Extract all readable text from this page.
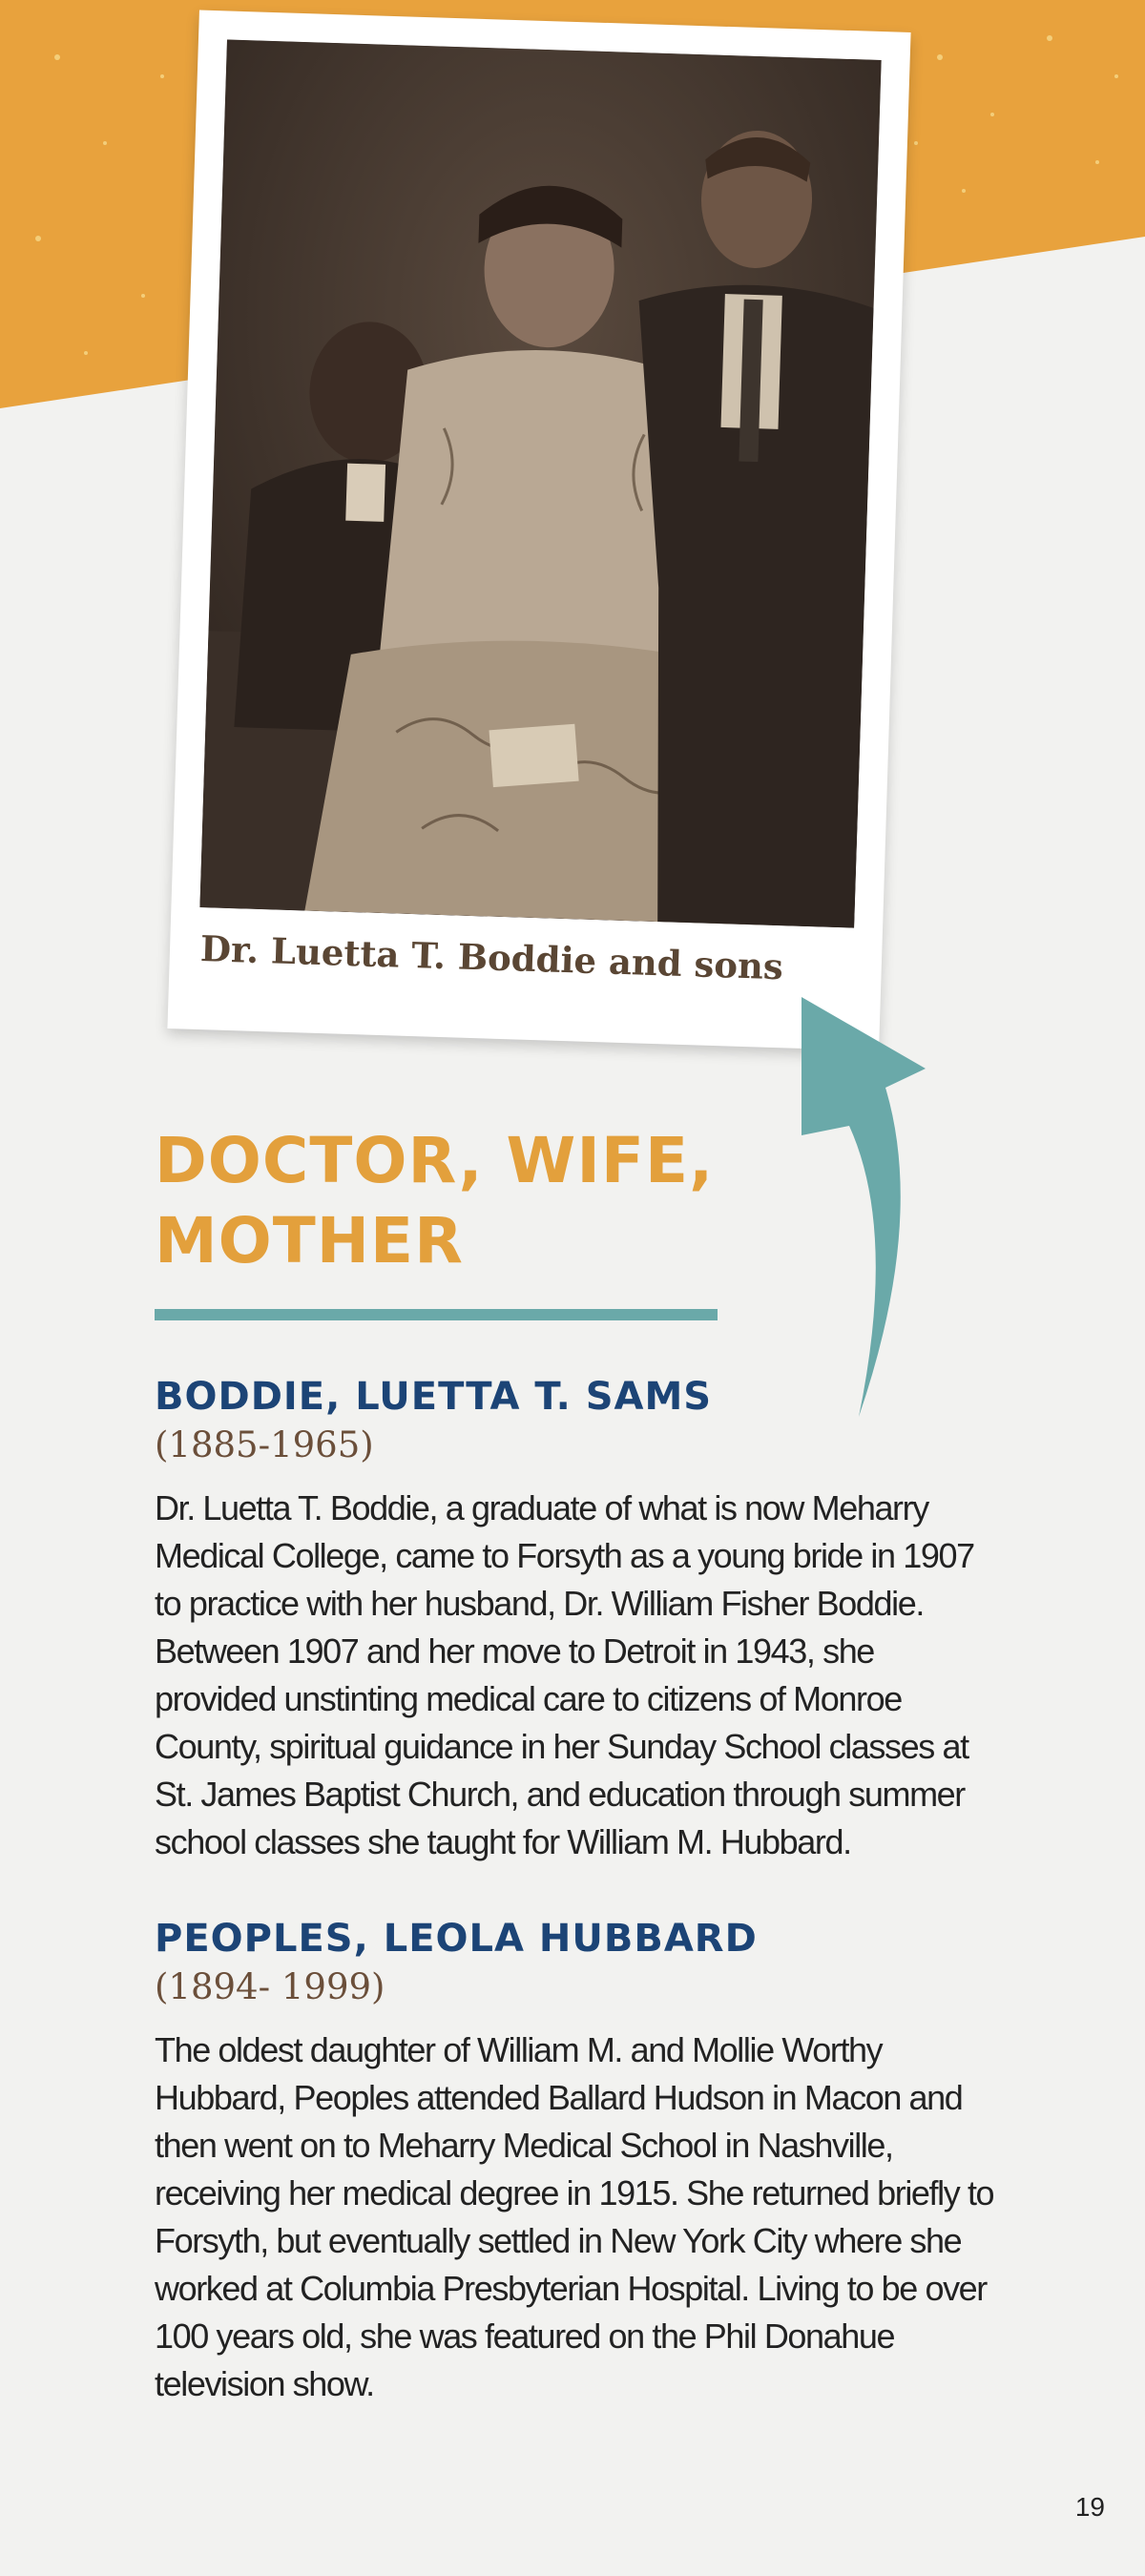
Dr. Luetta T. Boddie and sons
DOCTOR, WIFE, MOTHER
BODDIE, LUETTA T. SAMS
(1885-1965)

Dr. Luetta T. Boddie, a graduate of what is now Meharry Medical College, came to Forsyth as a young bride in 1907 to practice with her husband, Dr. William Fisher Boddie. Between 1907 and her move to Detroit in 1943, she provided unstinting medical care to citizens of Monroe County, spiritual guidance in her Sunday School classes at St. James Baptist Church, and education through summer school classes she taught for William M. Hubbard.

PEOPLES, LEOLA HUBBARD
(1894- 1999)

The oldest daughter of William M. and Mollie Worthy Hubbard, Peoples attended Ballard Hudson in Macon and then went on to Meharry Medical School in Nashville, receiving her medical degree in 1915. She returned briefly to Forsyth, but eventually settled in New York City where she worked at Columbia Presbyterian Hospital. Living to be over 100 years old, she was featured on the Phil Donahue television show.

19
